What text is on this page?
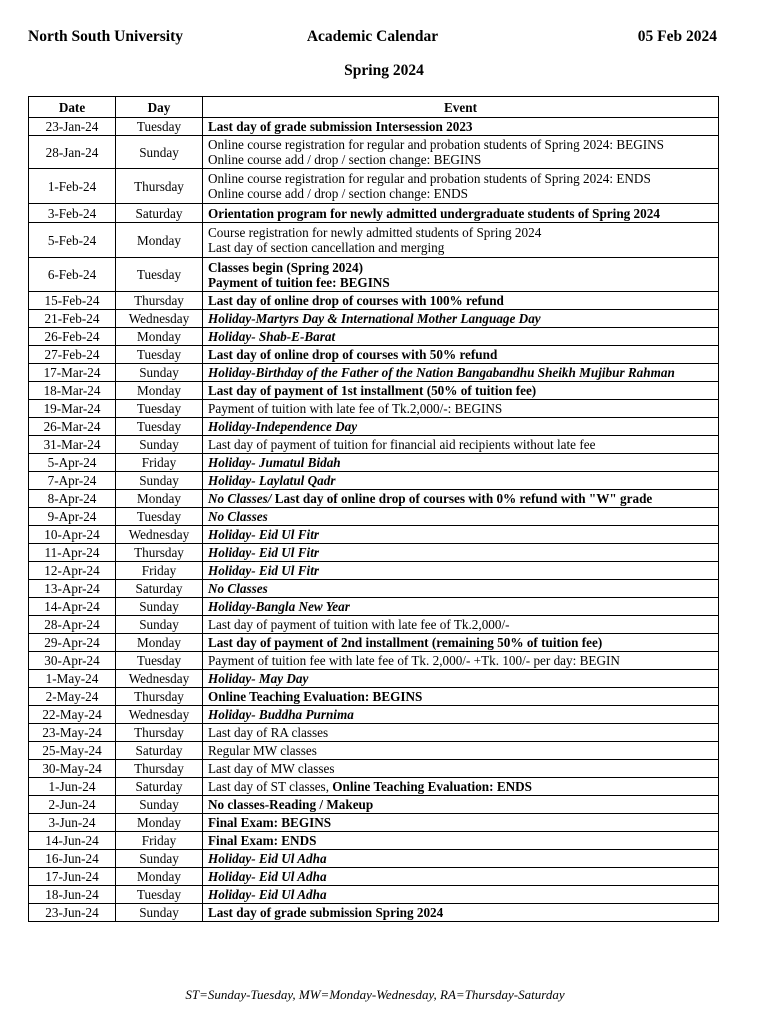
North South University	Academic Calendar	05 Feb 2024
Spring 2024
Date	Day	Event
23-Jan-24	Tuesday	Last day of grade submission Intersession 2023

28-Jan-24	Sunday	Online course registration for regular and probation students of Spring 2024: BEGINS
Online course add / drop / section change: BEGINS

1-Feb-24	Thursday	Online course registration for regular and probation students of Spring 2024: ENDS
Online course add / drop / section change: ENDS

3-Feb-24	Saturday	Orientation program for newly admitted undergraduate students of Spring 2024

5-Feb-24	Monday	Course registration for newly admitted students of Spring 2024
Last day of section cancellation and merging

6-Feb-24	Tuesday	Classes begin (Spring 2024)
Payment of tuition fee: BEGINS

15-Feb-24	Thursday	Last day of online drop of courses with 100% refund

21-Feb-24	Wednesday	Holiday-Martyrs Day & International Mother Language Day

26-Feb-24	Monday	Holiday- Shab-E-Barat

27-Feb-24	Tuesday	Last day of online drop of courses with 50% refund

17-Mar-24	Sunday	Holiday-Birthday of the Father of the Nation Bangabandhu Sheikh Mujibur Rahman

18-Mar-24	Monday	Last day of payment of 1st installment (50% of tuition fee)

19-Mar-24	Tuesday	Payment of tuition with late fee of Tk.2,000/-: BEGINS

26-Mar-24	Tuesday	Holiday-Independence Day

31-Mar-24	Sunday	Last day of payment of tuition for financial aid recipients without late fee

5-Apr-24	Friday	Holiday- Jumatul Bidah

7-Apr-24	Sunday	Holiday- Laylatul Qadr

8-Apr-24	Monday	No Classes/ Last day of online drop of courses with 0% refund with "W" grade

9-Apr-24	Tuesday	No Classes

10-Apr-24	Wednesday	Holiday- Eid Ul Fitr

11-Apr-24	Thursday	Holiday- Eid Ul Fitr

12-Apr-24	Friday	Holiday- Eid Ul Fitr

13-Apr-24	Saturday	No Classes

14-Apr-24	Sunday	Holiday-Bangla New Year

28-Apr-24	Sunday	Last day of payment of tuition with late fee of Tk.2,000/-

29-Apr-24	Monday	Last day of payment of 2nd installment (remaining 50% of tuition fee)

30-Apr-24	Tuesday	Payment of tuition fee with late fee of Tk. 2,000/- +Tk. 100/- per day: BEGIN

1-May-24	Wednesday	Holiday- May Day

2-May-24	Thursday	Online Teaching Evaluation: BEGINS

22-May-24	Wednesday	Holiday- Buddha Purnima

23-May-24	Thursday	Last day of RA classes

25-May-24	Saturday	Regular MW classes

30-May-24	Thursday	Last day of MW classes

1-Jun-24	Saturday	Last day of ST classes, Online Teaching Evaluation: ENDS

2-Jun-24	Sunday	No classes-Reading / Makeup

3-Jun-24	Monday	Final Exam: BEGINS

14-Jun-24	Friday	Final Exam: ENDS

16-Jun-24	Sunday	Holiday- Eid Ul Adha

17-Jun-24	Monday	Holiday- Eid Ul Adha

18-Jun-24	Tuesday	Holiday- Eid Ul Adha

23-Jun-24	Sunday	Last day of grade submission Spring 2024
ST=Sunday-Tuesday, MW=Monday-Wednesday, RA=Thursday-Saturday
